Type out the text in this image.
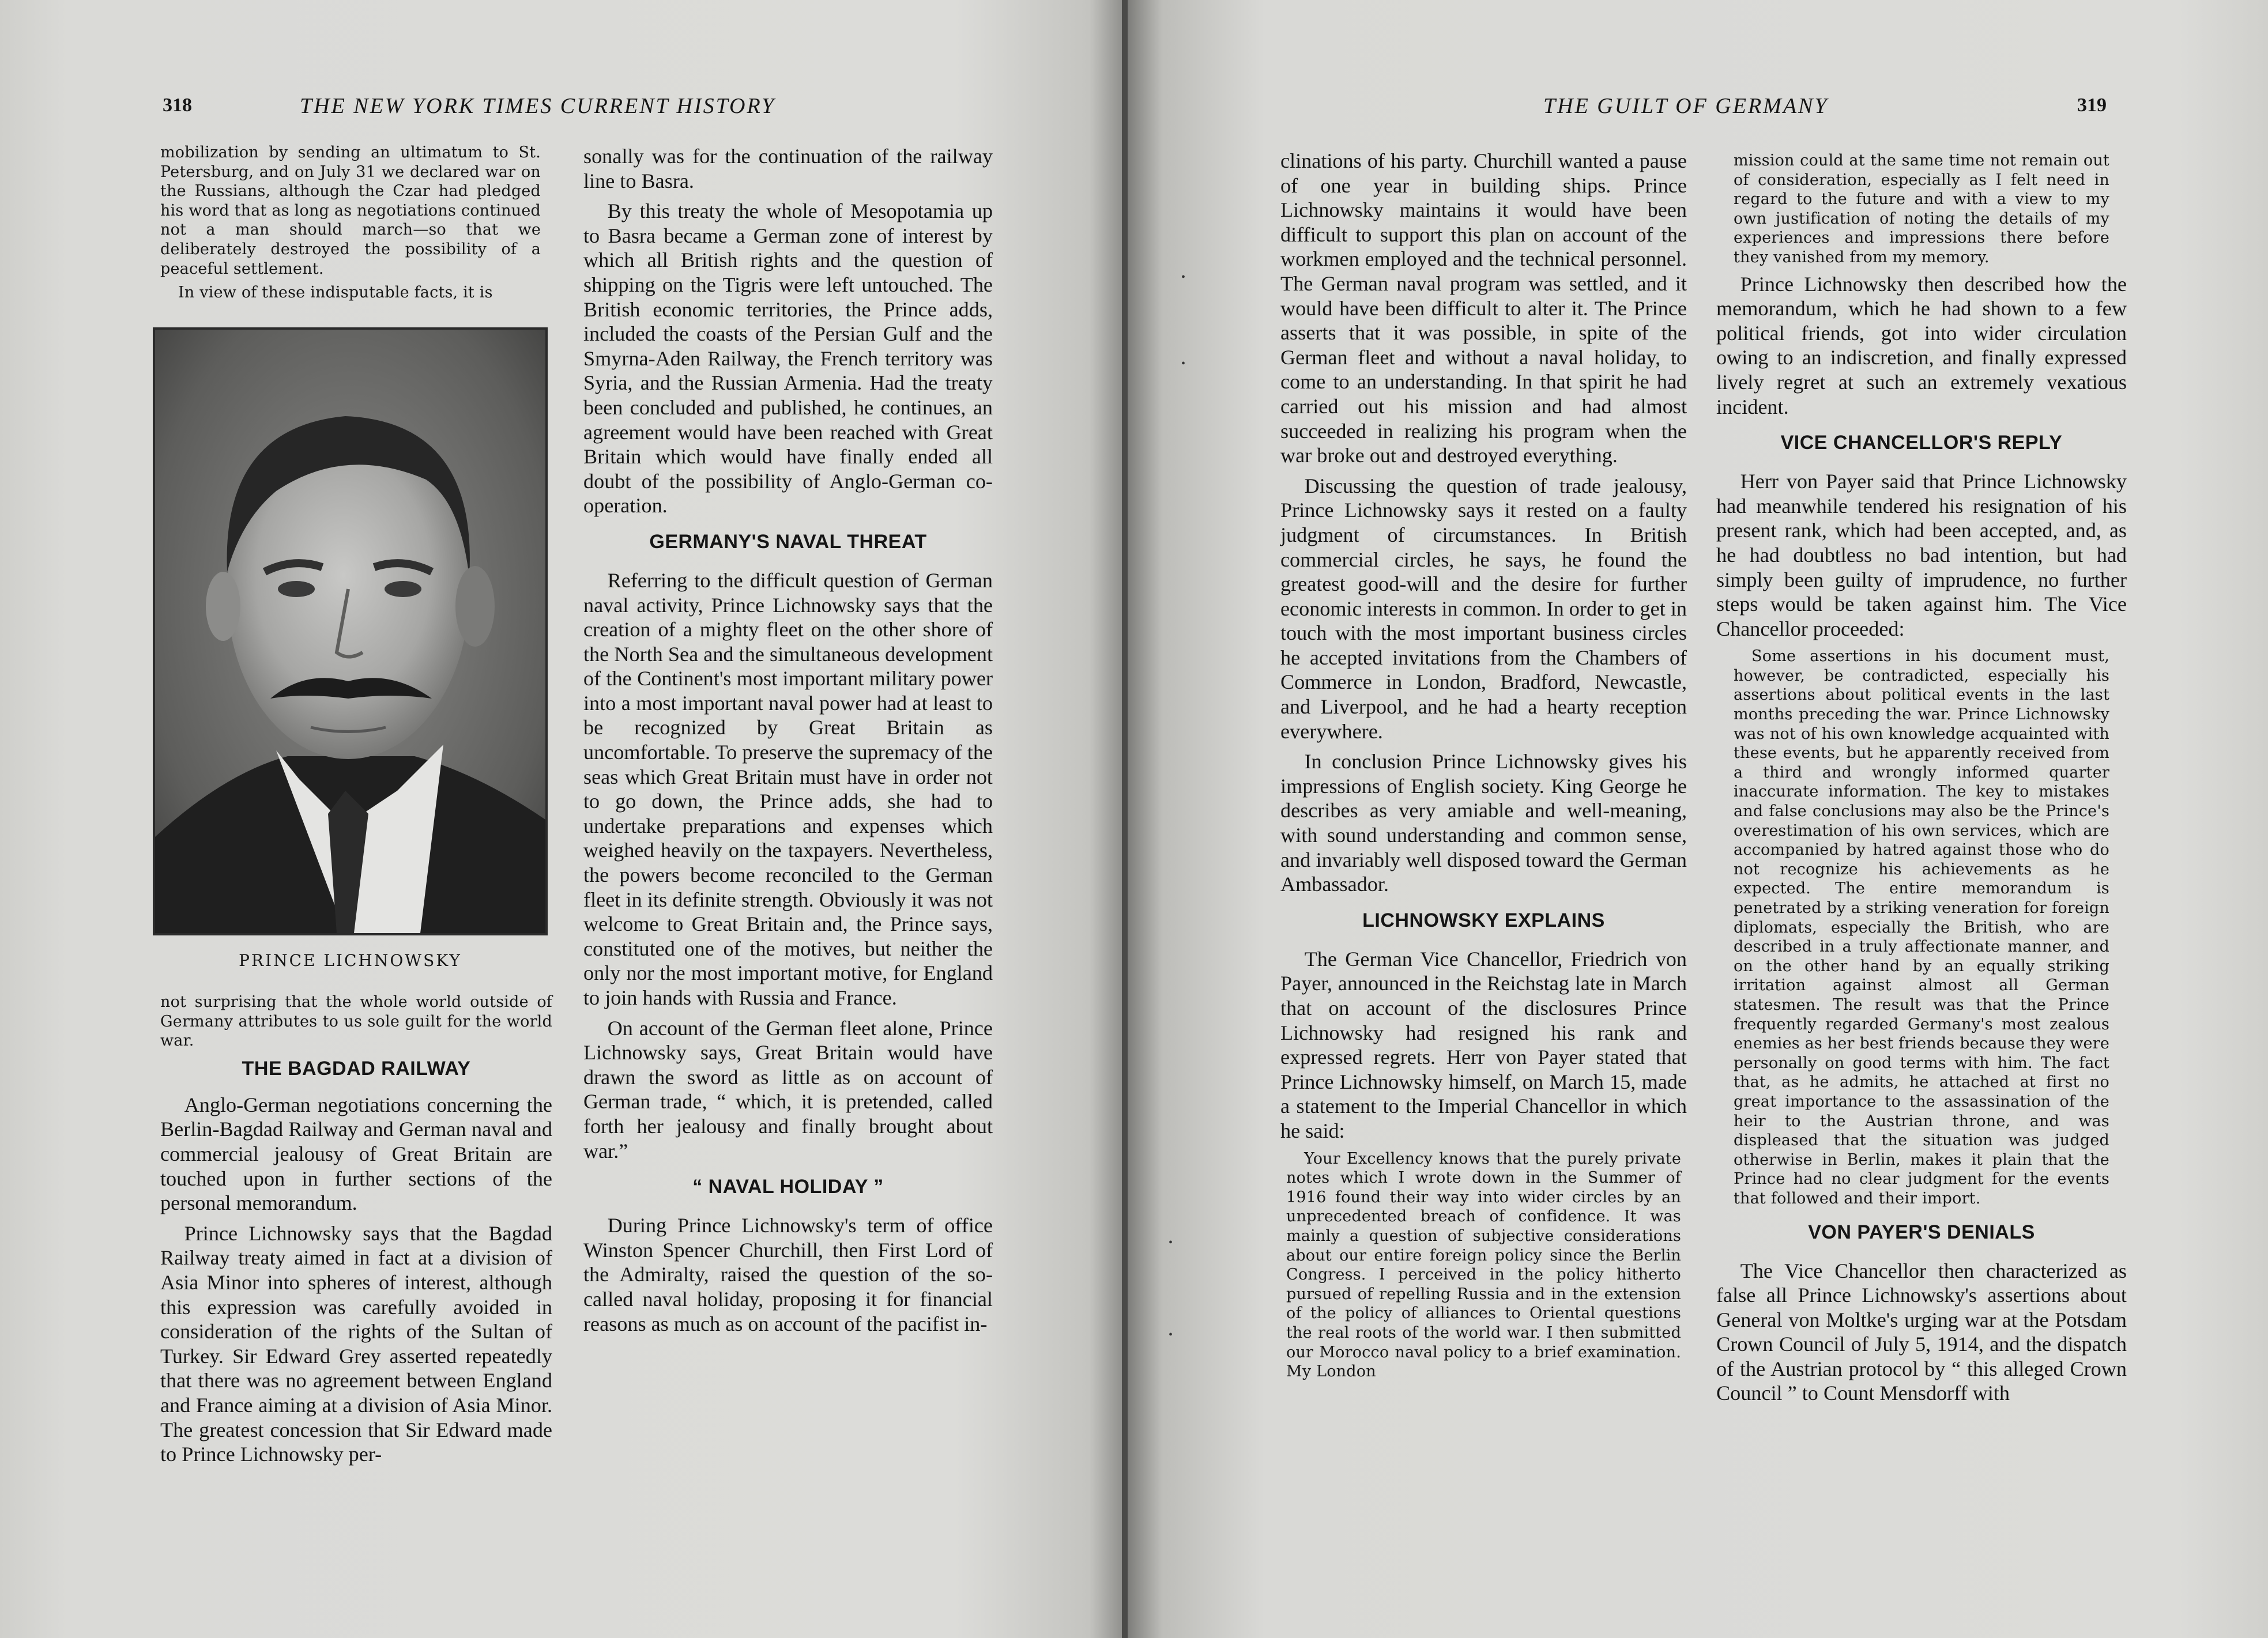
318	THE NEW YORK TIMES CURRENT HISTORY

mobilization by sending an ultimatum to St. Petersburg, and on July 31 we declared war on the Russians, although the Czar had pledged his word that as long as negotiations continued not a man should march—so that we deliberately destroyed the possibility of a peaceful settlement.

In view of these indisputable facts, it is

PRINCE LICHNOWSKY

not surprising that the whole world outside of Germany attributes to us sole guilt for the world war.

THE BAGDAD RAILWAY

Anglo-German negotiations concerning the Berlin-Bagdad Railway and German naval and commercial jealousy of Great Britain are touched upon in further sections of the personal memorandum.

Prince Lichnowsky says that the Bagdad Railway treaty aimed in fact at a division of Asia Minor into spheres of interest, although this expression was carefully avoided in consideration of the rights of the Sultan of Turkey. Sir Edward Grey asserted repeatedly that there was no agreement between England and France aiming at a division of Asia Minor. The greatest concession that Sir Edward made to Prince Lichnowsky per-

sonally was for the continuation of the railway line to Basra.

By this treaty the whole of Mesopotamia up to Basra became a German zone of interest by which all British rights and the question of shipping on the Tigris were left untouched. The British economic territories, the Prince adds, included the coasts of the Persian Gulf and the Smyrna-Aden Railway, the French territory was Syria, and the Russian Armenia. Had the treaty been concluded and published, he continues, an agreement would have been reached with Great Britain which would have finally ended all doubt of the possibility of Anglo-German co-operation.

GERMANY'S NAVAL THREAT

Referring to the difficult question of German naval activity, Prince Lichnowsky says that the creation of a mighty fleet on the other shore of the North Sea and the simultaneous development of the Continent's most important military power into a most important naval power had at least to be recognized by Great Britain as uncomfortable. To preserve the supremacy of the seas which Great Britain must have in order not to go down, the Prince adds, she had to undertake preparations and expenses which weighed heavily on the taxpayers. Nevertheless, the powers become reconciled to the German fleet in its definite strength. Obviously it was not welcome to Great Britain and, the Prince says, constituted one of the motives, but neither the only nor the most important motive, for England to join hands with Russia and France.

On account of the German fleet alone, Prince Lichnowsky says, Great Britain would have drawn the sword as little as on account of German trade, “ which, it is pretended, called forth her jealousy and finally brought about war.”

“ NAVAL HOLIDAY ”

During Prince Lichnowsky's term of office Winston Spencer Churchill, then First Lord of the Admiralty, raised the question of the so-called naval holiday, proposing it for financial reasons as much as on account of the pacifist in-

•
•
•
•
THE GUILT OF GERMANY	319

clinations of his party. Churchill wanted a pause of one year in building ships. Prince Lichnowsky maintains it would have been difficult to support this plan on account of the workmen employed and the technical personnel. The German naval program was settled, and it would have been difficult to alter it. The Prince asserts that it was possible, in spite of the German fleet and without a naval holiday, to come to an understanding. In that spirit he had carried out his mission and had almost succeeded in realizing his program when the war broke out and destroyed everything.

Discussing the question of trade jealousy, Prince Lichnowsky says it rested on a faulty judgment of circumstances. In British commercial circles, he says, he found the greatest good-will and the desire for further economic interests in common. In order to get in touch with the most important business circles he accepted invitations from the Chambers of Commerce in London, Bradford, Newcastle, and Liverpool, and he had a hearty reception everywhere.

In conclusion Prince Lichnowsky gives his impressions of English society. King George he describes as very amiable and well-meaning, with sound understanding and common sense, and invariably well disposed toward the German Ambassador.

LICHNOWSKY EXPLAINS

The German Vice Chancellor, Friedrich von Payer, announced in the Reichstag late in March that on account of the disclosures Prince Lichnowsky had resigned his rank and expressed regrets. Herr von Payer stated that Prince Lichnowsky himself, on March 15, made a statement to the Imperial Chancellor in which he said:

Your Excellency knows that the purely private notes which I wrote down in the Summer of 1916 found their way into wider circles by an unprecedented breach of confidence. It was mainly a question of subjective considerations about our entire foreign policy since the Berlin Congress. I perceived in the policy hitherto pursued of repelling Russia and in the extension of the policy of alliances to Oriental questions the real roots of the world war. I then submitted our Morocco naval policy to a brief examination. My London

mission could at the same time not remain out of consideration, especially as I felt need in regard to the future and with a view to my own justification of noting the details of my experiences and impressions there before they vanished from my memory.

Prince Lichnowsky then described how the memorandum, which he had shown to a few political friends, got into wider circulation owing to an indiscretion, and finally expressed lively regret at such an extremely vexatious incident.

VICE CHANCELLOR'S REPLY

Herr von Payer said that Prince Lichnowsky had meanwhile tendered his resignation of his present rank, which had been accepted, and, as he had doubtless no bad intention, but had simply been guilty of imprudence, no further steps would be taken against him. The Vice Chancellor proceeded:

Some assertions in his document must, however, be contradicted, especially his assertions about political events in the last months preceding the war. Prince Lichnowsky was not of his own knowledge acquainted with these events, but he apparently received from a third and wrongly informed quarter inaccurate information. The key to mistakes and false conclusions may also be the Prince's overestimation of his own services, which are accompanied by hatred against those who do not recognize his achievements as he expected. The entire memorandum is penetrated by a striking veneration for foreign diplomats, especially the British, who are described in a truly affectionate manner, and on the other hand by an equally striking irritation against almost all German statesmen. The result was that the Prince frequently regarded Germany's most zealous enemies as her best friends because they were personally on good terms with him. The fact that, as he admits, he attached at first no great importance to the assassination of the heir to the Austrian throne, and was displeased that the situation was judged otherwise in Berlin, makes it plain that the Prince had no clear judgment for the events that followed and their import.

VON PAYER'S DENIALS

The Vice Chancellor then characterized as false all Prince Lichnowsky's assertions about General von Moltke's urging war at the Potsdam Crown Council of July 5, 1914, and the dispatch of the Austrian protocol by “ this alleged Crown Council ” to Count Mensdorff with
